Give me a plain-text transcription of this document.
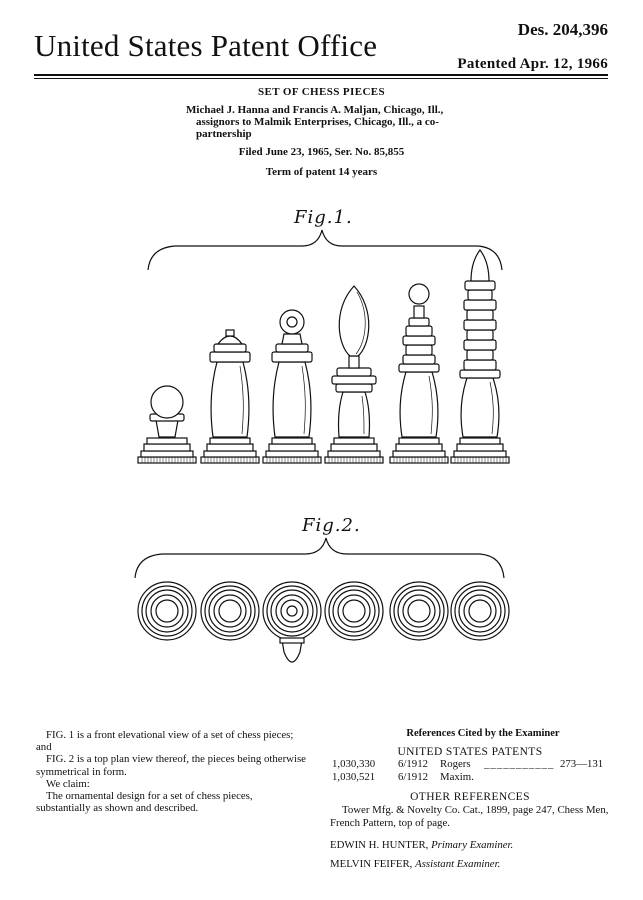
United States Patent Office	Des. 204,396
Patented Apr. 12, 1966
SET OF CHESS PIECES
Michael J. Hanna and Francis A. Maljan, Chicago, Ill.,
assignors to Malmik Enterprises, Chicago, Ill., a co-
partnership
Filed June 23, 1965, Ser. No. 85,855
Term of patent 14 years
Fig.1.
Fig.2.

FIG. 1 is a front elevational view of a set of chess pieces; and

FIG. 2 is a top plan view thereof, the pieces being otherwise symmetrical in form.

We claim:

The ornamental design for a set of chess pieces, substantially as shown and described.

References Cited by the Examiner
UNITED STATES PATENTS
1,030,330	6/1912	Rogers	___________ 273—131
1,030,521	6/1912	Maxim.
OTHER REFERENCES
Tower Mfg. & Novelty Co. Cat., 1899, page 247, Chess Men, French Pattern, top of page.
EDWIN H. HUNTER, Primary Examiner.
MELVIN FEIFER, Assistant Examiner.
